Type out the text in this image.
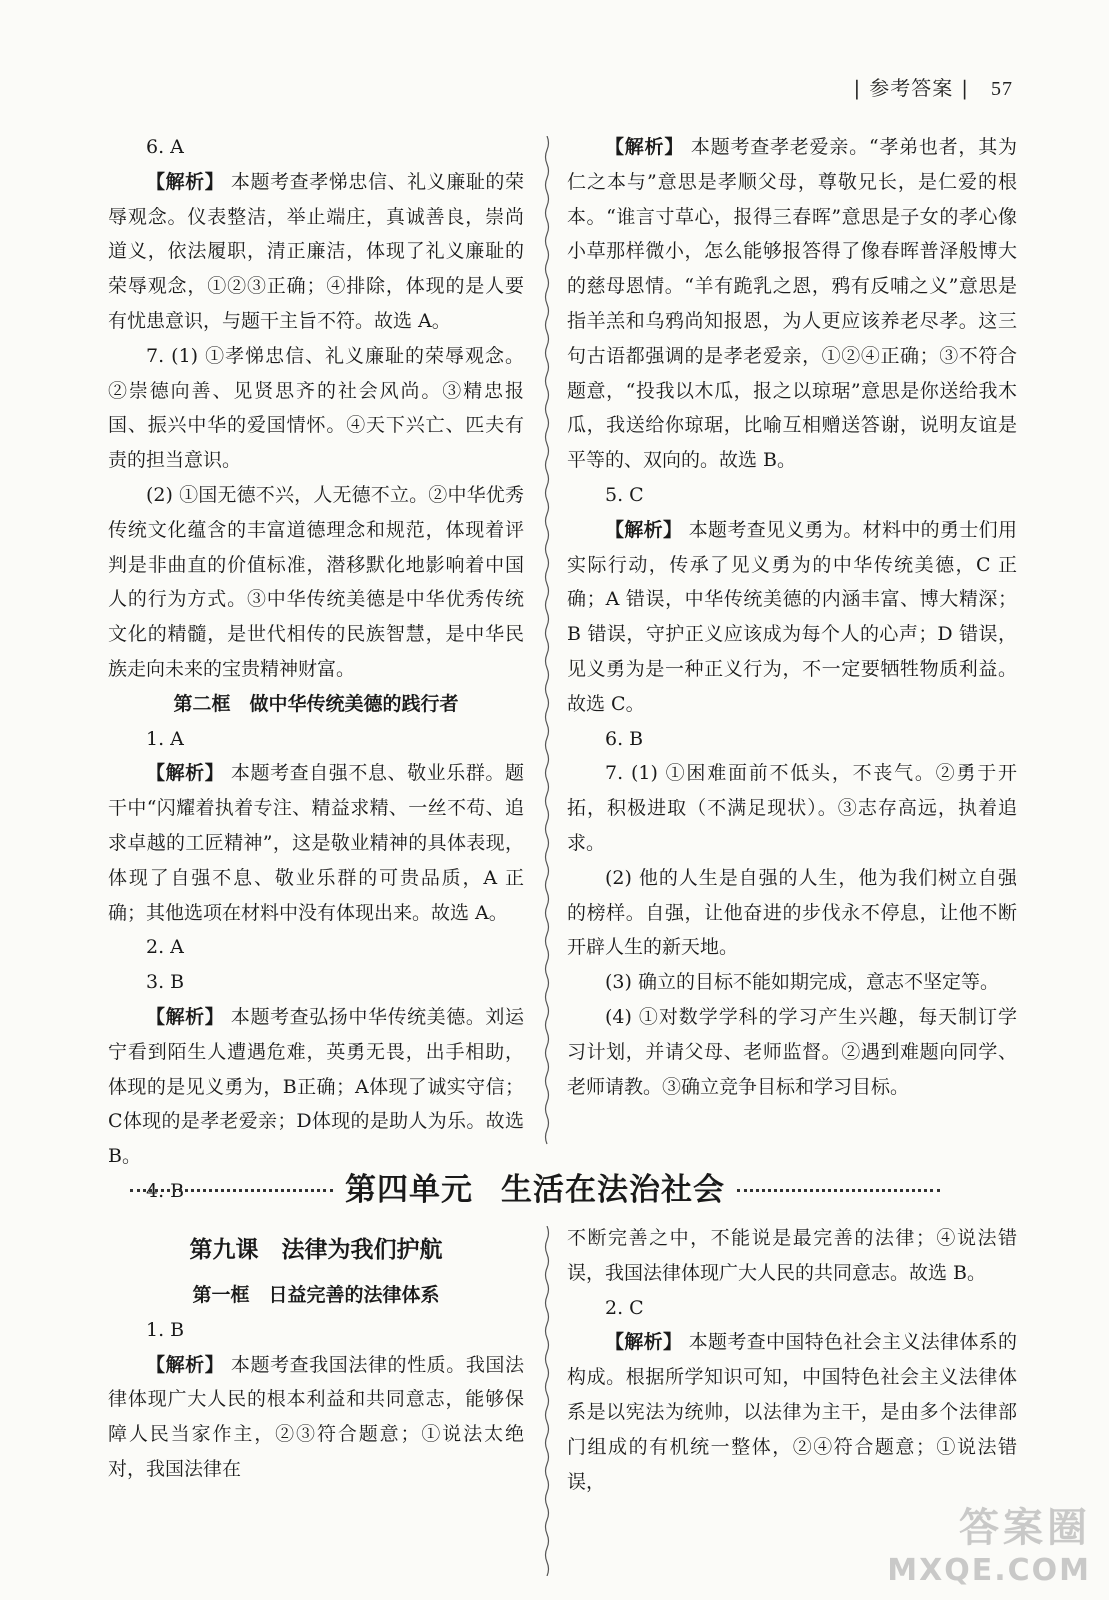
| 参考答案 | 57

6. A

【解析】 本题考查孝悌忠信、礼义廉耻的荣辱观念。仪表整洁，举止端庄，真诚善良，崇尚道义，依法履职，清正廉洁，体现了礼义廉耻的荣辱观念，①②③正确；④排除，体现的是人要有忧患意识，与题干主旨不符。故选 A。

7. (1) ①孝悌忠信、礼义廉耻的荣辱观念。②崇德向善、见贤思齐的社会风尚。③精忠报国、振兴中华的爱国情怀。④天下兴亡、匹夫有责的担当意识。

(2) ①国无德不兴，人无德不立。②中华优秀传统文化蕴含的丰富道德理念和规范，体现着评判是非曲直的价值标准，潜移默化地影响着中国人的行为方式。③中华传统美德是中华优秀传统文化的精髓，是世代相传的民族智慧，是中华民族走向未来的宝贵精神财富。

第二框　做中华传统美德的践行者

1. A

【解析】 本题考查自强不息、敬业乐群。题干中“闪耀着执着专注、精益求精、一丝不苟、追求卓越的工匠精神”，这是敬业精神的具体表现，体现了自强不息、敬业乐群的可贵品质，A 正确；其他选项在材料中没有体现出来。故选 A。

2. A

3. B

【解析】 本题考查弘扬中华传统美德。刘运宁看到陌生人遭遇危难，英勇无畏，出手相助，体现的是见义勇为，B正确；A体现了诚实守信；C体现的是孝老爱亲；D体现的是助人为乐。故选 B。

4. B

【解析】 本题考查孝老爱亲。“孝弟也者，其为仁之本与”意思是孝顺父母，尊敬兄长，是仁爱的根本。“谁言寸草心，报得三春晖”意思是子女的孝心像小草那样微小，怎么能够报答得了像春晖普泽般博大的慈母恩情。“羊有跪乳之恩，鸦有反哺之义”意思是指羊羔和乌鸦尚知报恩，为人更应该养老尽孝。这三句古语都强调的是孝老爱亲，①②④正确；③不符合题意，“投我以木瓜，报之以琼琚”意思是你送给我木瓜，我送给你琼琚，比喻互相赠送答谢，说明友谊是平等的、双向的。故选 B。

5. C

【解析】 本题考查见义勇为。材料中的勇士们用实际行动，传承了见义勇为的中华传统美德，C 正确；A 错误，中华传统美德的内涵丰富、博大精深；B 错误，守护正义应该成为每个人的心声；D 错误，见义勇为是一种正义行为，不一定要牺牲物质利益。故选 C。

6. B

7. (1) ①困难面前不低头，不丧气。②勇于开拓，积极进取（不满足现状）。③志存高远，执着追求。

(2) 他的人生是自强的人生，他为我们树立自强的榜样。自强，让他奋进的步伐永不停息，让他不断开辟人生的新天地。

(3) 确立的目标不能如期完成，意志不坚定等。

(4) ①对数学学科的学习产生兴趣，每天制订学习计划，并请父母、老师监督。②遇到难题向同学、老师请教。③确立竞争目标和学习目标。

第四单元 生活在法治社会

第九课　法律为我们护航

第一框　日益完善的法律体系

1. B

【解析】 本题考查我国法律的性质。我国法律体现广大人民的根本利益和共同意志，能够保障人民当家作主，②③符合题意；①说法太绝对，我国法律在

不断完善之中，不能说是最完善的法律；④说法错误，我国法律体现广大人民的共同意志。故选 B。

2. C

【解析】 本题考查中国特色社会主义法律体系的构成。根据所学知识可知，中国特色社会主义法律体系是以宪法为统帅，以法律为主干，是由多个法律部门组成的有机统一整体，②④符合题意；①说法错误，

答案圈
MXQE.COM
